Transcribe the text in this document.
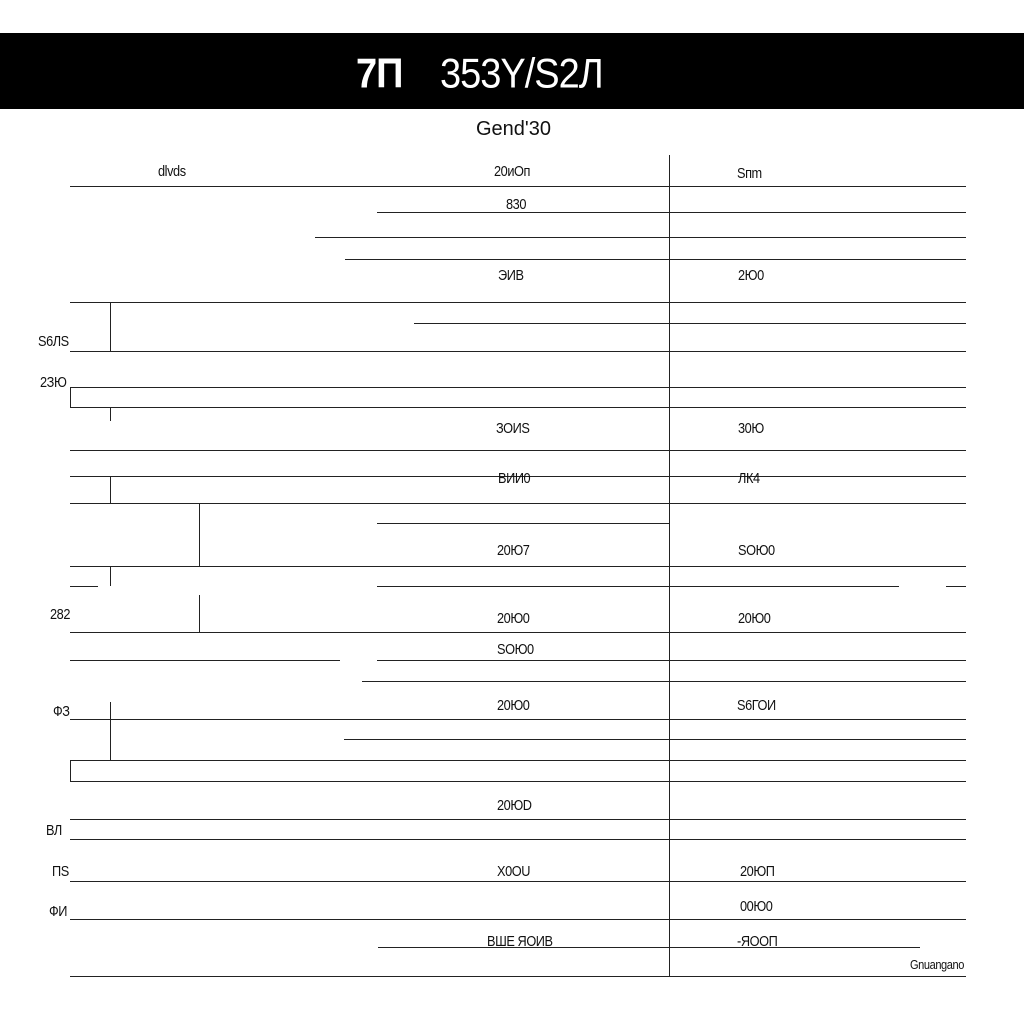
7П 353Y/S2Л
Gend'30
dlvds	20иОп	Sпm
S6ЛS
2ЗЮ
282
ФЗ
ВЛ
ПS
ФИ
830
ЭИВ
ЗОИS
ВИИ0
20Ю7
20Ю0
SОЮ0
20Ю0
20ЮD
X0OU
ВШЕ ЯОИВ
2Ю0
30Ю
ЛК4
SОЮ0
20Ю0
S6ГОИ
20ЮП
00Ю0
-ЯООП
Gnuangano
